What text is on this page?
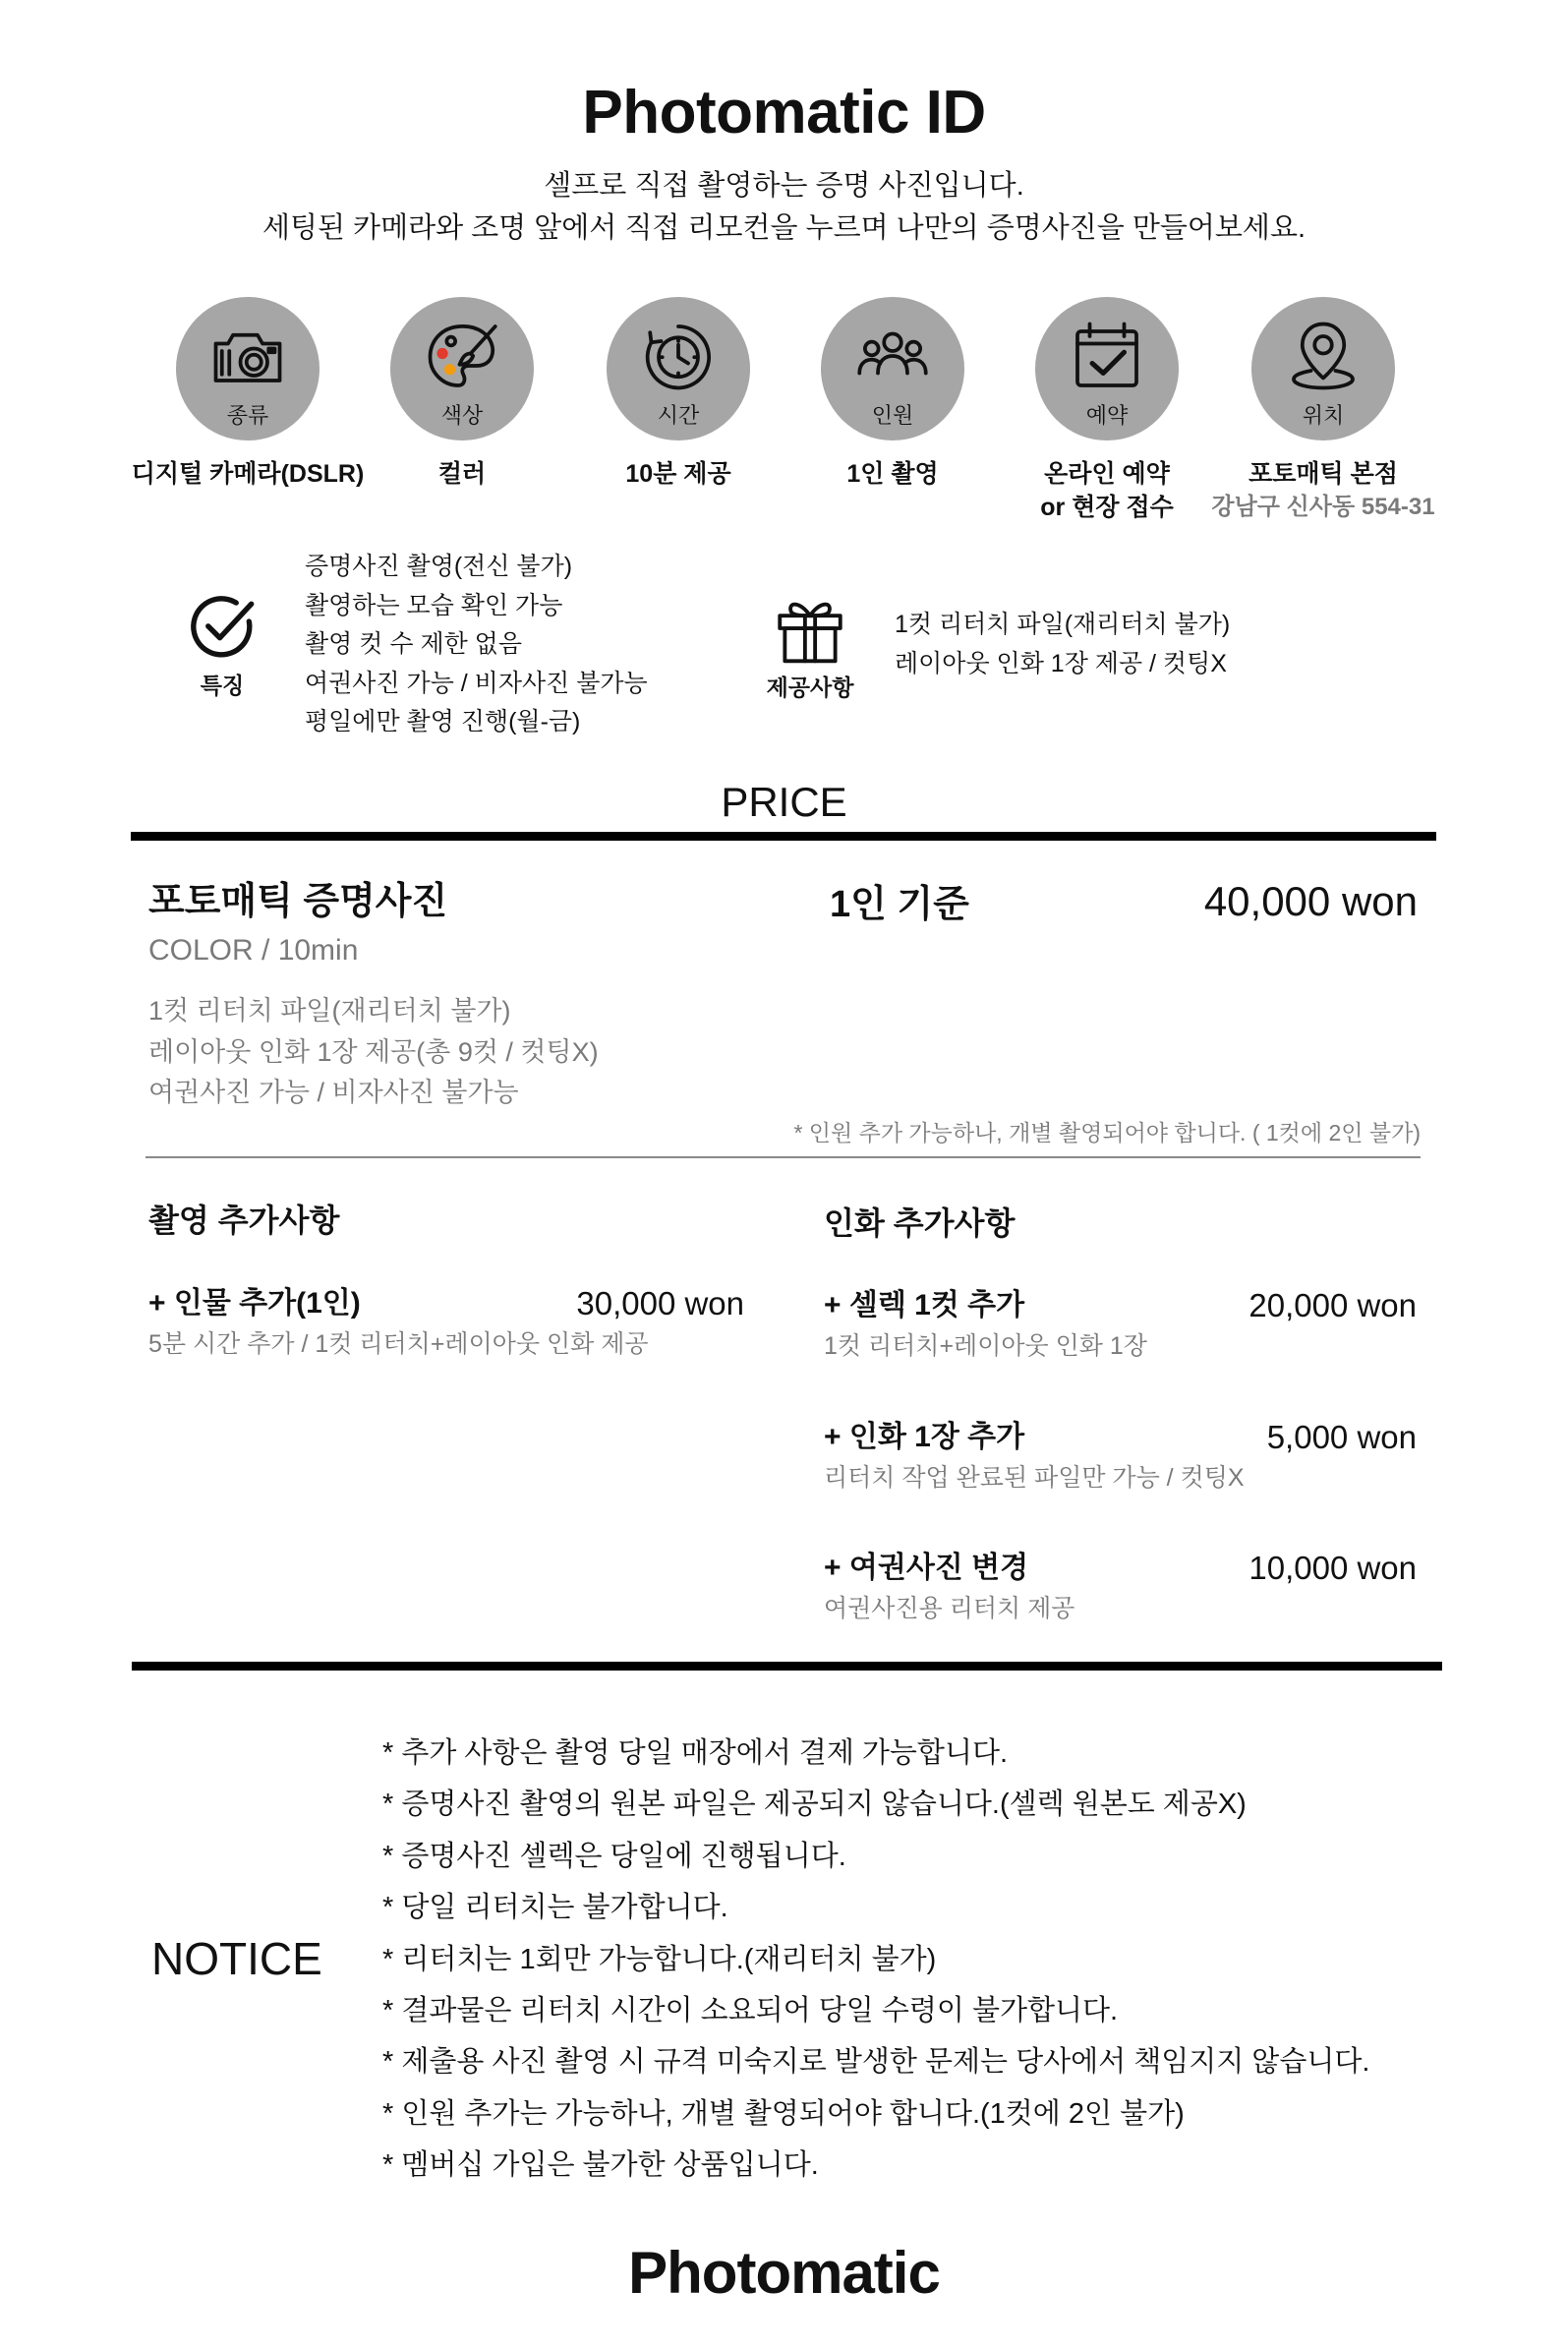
Photomatic ID
셀프로 직접 촬영하는 증명 사진입니다.
세팅된 카메라와 조명 앞에서 직접 리모컨을 누르며 나만의 증명사진을 만들어보세요.
종류
디지털 카메라(DSLR)
색상
컬러
시간
10분 제공
인원
1인 촬영
예약
온라인 예약
or 현장 접수
위치
포토매틱 본점
강남구 신사동 554-31
특징
증명사진 촬영(전신 불가)
촬영하는 모습 확인 가능
촬영 컷 수 제한 없음
여권사진 가능 / 비자사진 불가능
평일에만 촬영 진행(월-금)
제공사항
1컷 리터치 파일(재리터치 불가)
레이아웃 인화 1장 제공 / 컷팅X
PRICE
포토매틱 증명사진	1인 기준	40,000 won
COLOR / 10min
1컷 리터치 파일(재리터치 불가)
레이아웃 인화 1장 제공(총 9컷 / 컷팅X)
여권사진 가능 / 비자사진 불가능
* 인원 추가 가능하나, 개별 촬영되어야 합니다. ( 1컷에 2인 불가)
촬영 추가사항
+ 인물 추가(1인)	30,000 won
5분 시간 추가 / 1컷 리터치+레이아웃 인화 제공
인화 추가사항
+ 셀렉 1컷 추가	20,000 won
1컷 리터치+레이아웃 인화 1장
+ 인화 1장 추가	5,000 won
리터치 작업 완료된 파일만 가능 / 컷팅X
+ 여권사진 변경	10,000 won
여권사진용 리터치 제공
NOTICE
* 추가 사항은 촬영 당일 매장에서 결제 가능합니다.
* 증명사진 촬영의 원본 파일은 제공되지 않습니다.(셀렉 원본도 제공X)
* 증명사진 셀렉은 당일에 진행됩니다.
* 당일 리터치는 불가합니다.
* 리터치는 1회만 가능합니다.(재리터치 불가)
* 결과물은 리터치 시간이 소요되어 당일 수령이 불가합니다.
* 제출용 사진 촬영 시 규격 미숙지로 발생한 문제는 당사에서 책임지지 않습니다.
* 인원 추가는 가능하나, 개별 촬영되어야 합니다.(1컷에 2인 불가)
* 멤버십 가입은 불가한 상품입니다.
Photomatic
